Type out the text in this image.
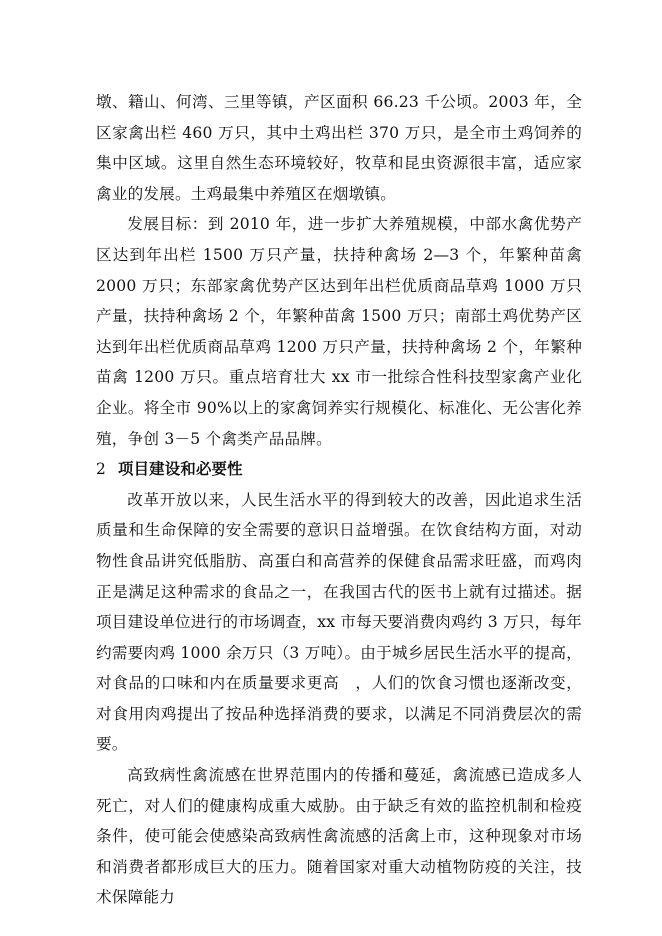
墩、籍山、何湾、三里等镇，产区面积 66.23 千公顷。2003 年，全区家禽出栏 460 万只，其中土鸡出栏 370 万只，是全市土鸡饲养的集中区域。这里自然生态环境较好，牧草和昆虫资源很丰富，适应家禽业的发展。土鸡最集中养殖区在烟墩镇。

发展目标：到 2010 年，进一步扩大养殖规模，中部水禽优势产区达到年出栏 1500 万只产量，扶持种禽场 2—3 个，年繁种苗禽 2000 万只；东部家禽优势产区达到年出栏优质商品草鸡 1000 万只产量，扶持种禽场 2 个，年繁种苗禽 1500 万只；南部土鸡优势产区达到年出栏优质商品草鸡 1200 万只产量，扶持种禽场 2 个，年繁种苗禽 1200 万只。重点培育壮大 xx 市一批综合性科技型家禽产业化企业。将全市 90%以上的家禽饲养实行规模化、标准化、无公害化养殖，争创 3－5 个禽类产品品牌。

2 项目建设和必要性

改革开放以来，人民生活水平的得到较大的改善，因此追求生活质量和生命保障的安全需要的意识日益增强。在饮食结构方面，对动物性食品讲究低脂肪、高蛋白和高营养的保健食品需求旺盛，而鸡肉正是满足这种需求的食品之一，在我国古代的医书上就有过描述。据项目建设单位进行的市场调查，xx 市每天要消费肉鸡约 3 万只，每年约需要肉鸡 1000 余万只（3 万吨）。由于城乡居民生活水平的提高，对食品的口味和内在质量要求更高　，人们的饮食习惯也逐渐改变，对食用肉鸡提出了按品种选择消费的要求，以满足不同消费层次的需要。

高致病性禽流感在世界范围内的传播和蔓延，禽流感已造成多人死亡，对人们的健康构成重大威胁。由于缺乏有效的监控机制和检疫条件，使可能会使感染高致病性禽流感的活禽上市，这种现象对市场和消费者都形成巨大的压力。随着国家对重大动植物防疫的关注，技术保障能力
